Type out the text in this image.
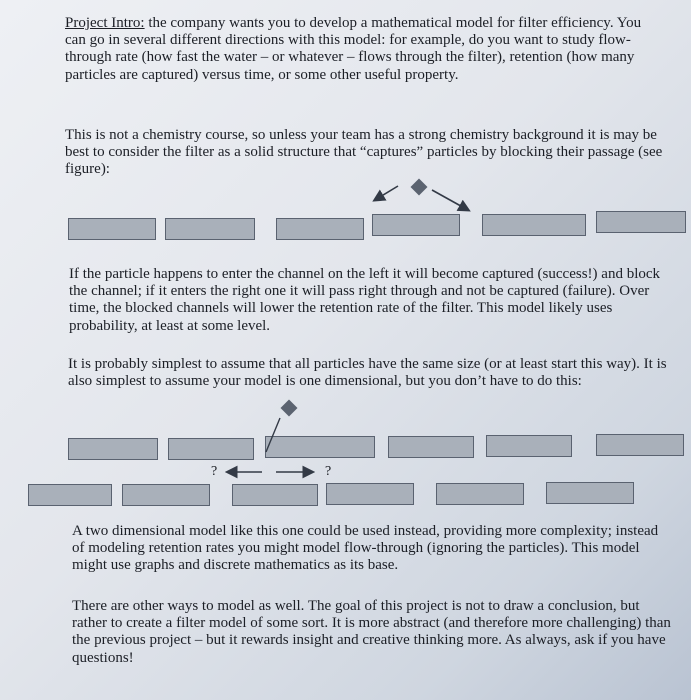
Project Intro: the company wants you to develop a mathematical model for filter efficiency. You can go in several different directions with this model: for example, do you want to study flow-through rate (how fast the water – or whatever – flows through the filter), retention (how many particles are captured) versus time, or some other useful property.

This is not a chemistry course, so unless your team has a strong chemistry background it is may be best to consider the filter as a solid structure that “captures” particles by blocking their passage (see figure):

If the particle happens to enter the channel on the left it will become captured (success!) and block the channel; if it enters the right one it will pass right through and not be captured (failure). Over time, the blocked channels will lower the retention rate of the filter. This model likely uses probability, at least at some level.

It is probably simplest to assume that all particles have the same size (or at least start this way). It is also simplest to assume your model is one dimensional, but you don’t have to do this:

?	?

A two dimensional model like this one could be used instead, providing more complexity; instead of modeling retention rates you might model flow-through (ignoring the particles). This model might use graphs and discrete mathematics as its base.

There are other ways to model as well. The goal of this project is not to draw a conclusion, but rather to create a filter model of some sort. It is more abstract (and therefore more challenging) than the previous project – but it rewards insight and creative thinking more. As always, ask if you have questions!
